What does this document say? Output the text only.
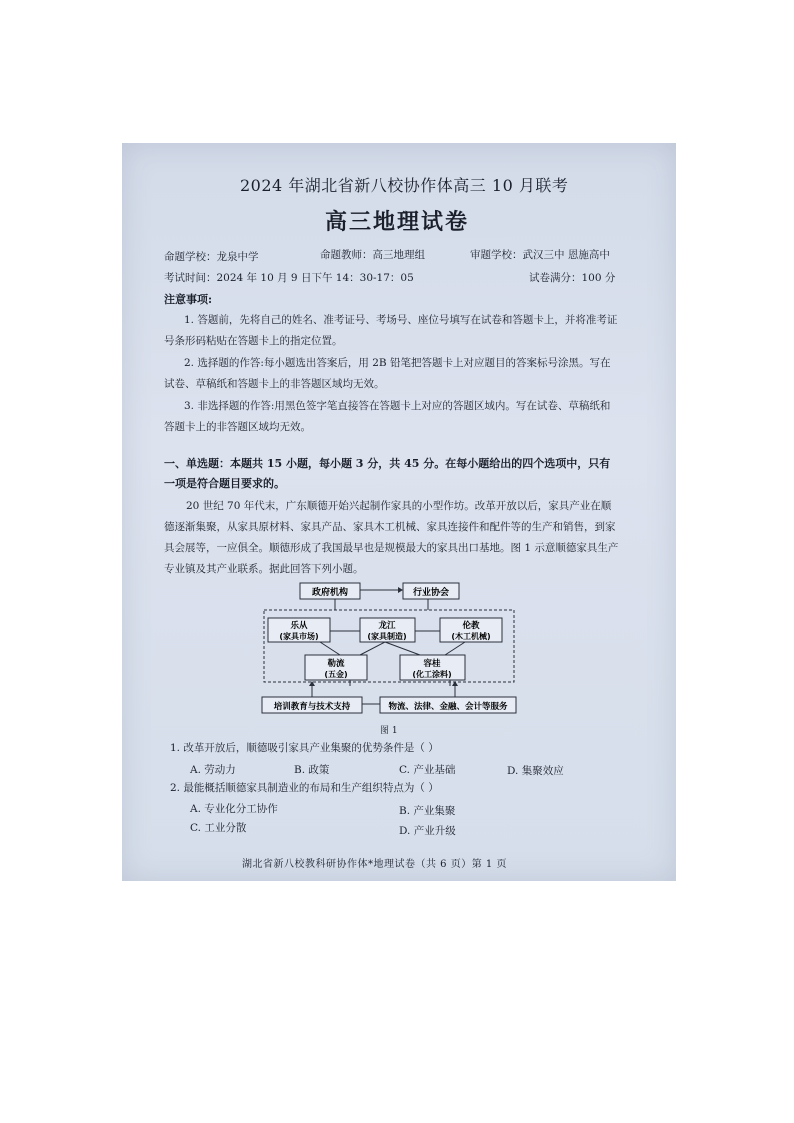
2024 年湖北省新八校协作体高三 10 月联考
高三地理试卷
命题学校：龙泉中学	命题教师：高三地理组	审题学校：武汉三中 恩施高中
考试时间：2024 年 10 月 9 日下午 14：30-17：05	试卷满分：100 分
注意事项:
1. 答题前，先将自己的姓名、准考证号、考场号、座位号填写在试卷和答题卡上，并将准考证号条形码粘贴在答题卡上的指定位置。
2. 选择题的作答:每小题选出答案后，用 2B 铅笔把答题卡上对应题目的答案标号涂黑。写在试卷、草稿纸和答题卡上的非答题区域均无效。
3. 非选择题的作答:用黑色签字笔直接答在答题卡上对应的答题区域内。写在试卷、草稿纸和答题卡上的非答题区域均无效。
一、单选题：本题共 15 小题，每小题 3 分，共 45 分。在每小题给出的四个选项中，只有一项是符合题目要求的。
20 世纪 70 年代末，广东顺德开始兴起制作家具的小型作坊。改革开放以后，家具产业在顺德逐渐集聚，从家具原材料、家具产品、家具木工机械、家具连接件和配件等的生产和销售，到家具会展等，一应俱全。顺德形成了我国最早也是规模最大的家具出口基地。图 1 示意顺德家具生产专业镇及其产业联系。据此回答下列小题。
政府机构	行业协会
乐从
(家具市场)
龙江
(家具制造)
伦教
(木工机械)
勒流
(五金)
容桂
(化工涂料)
培训教育与技术支持	物流、法律、金融、会计等服务
图 1
1. 改革开放后，顺德吸引家具产业集聚的优势条件是（ ）
A. 劳动力	B. 政策	C. 产业基础	D. 集聚效应
2. 最能概括顺德家具制造业的布局和生产组织特点为（ ）
A. 专业化分工协作	B. 产业集聚
C. 工业分散	D. 产业升级
湖北省新八校教科研协作体*地理试卷（共 6 页）第 1 页
